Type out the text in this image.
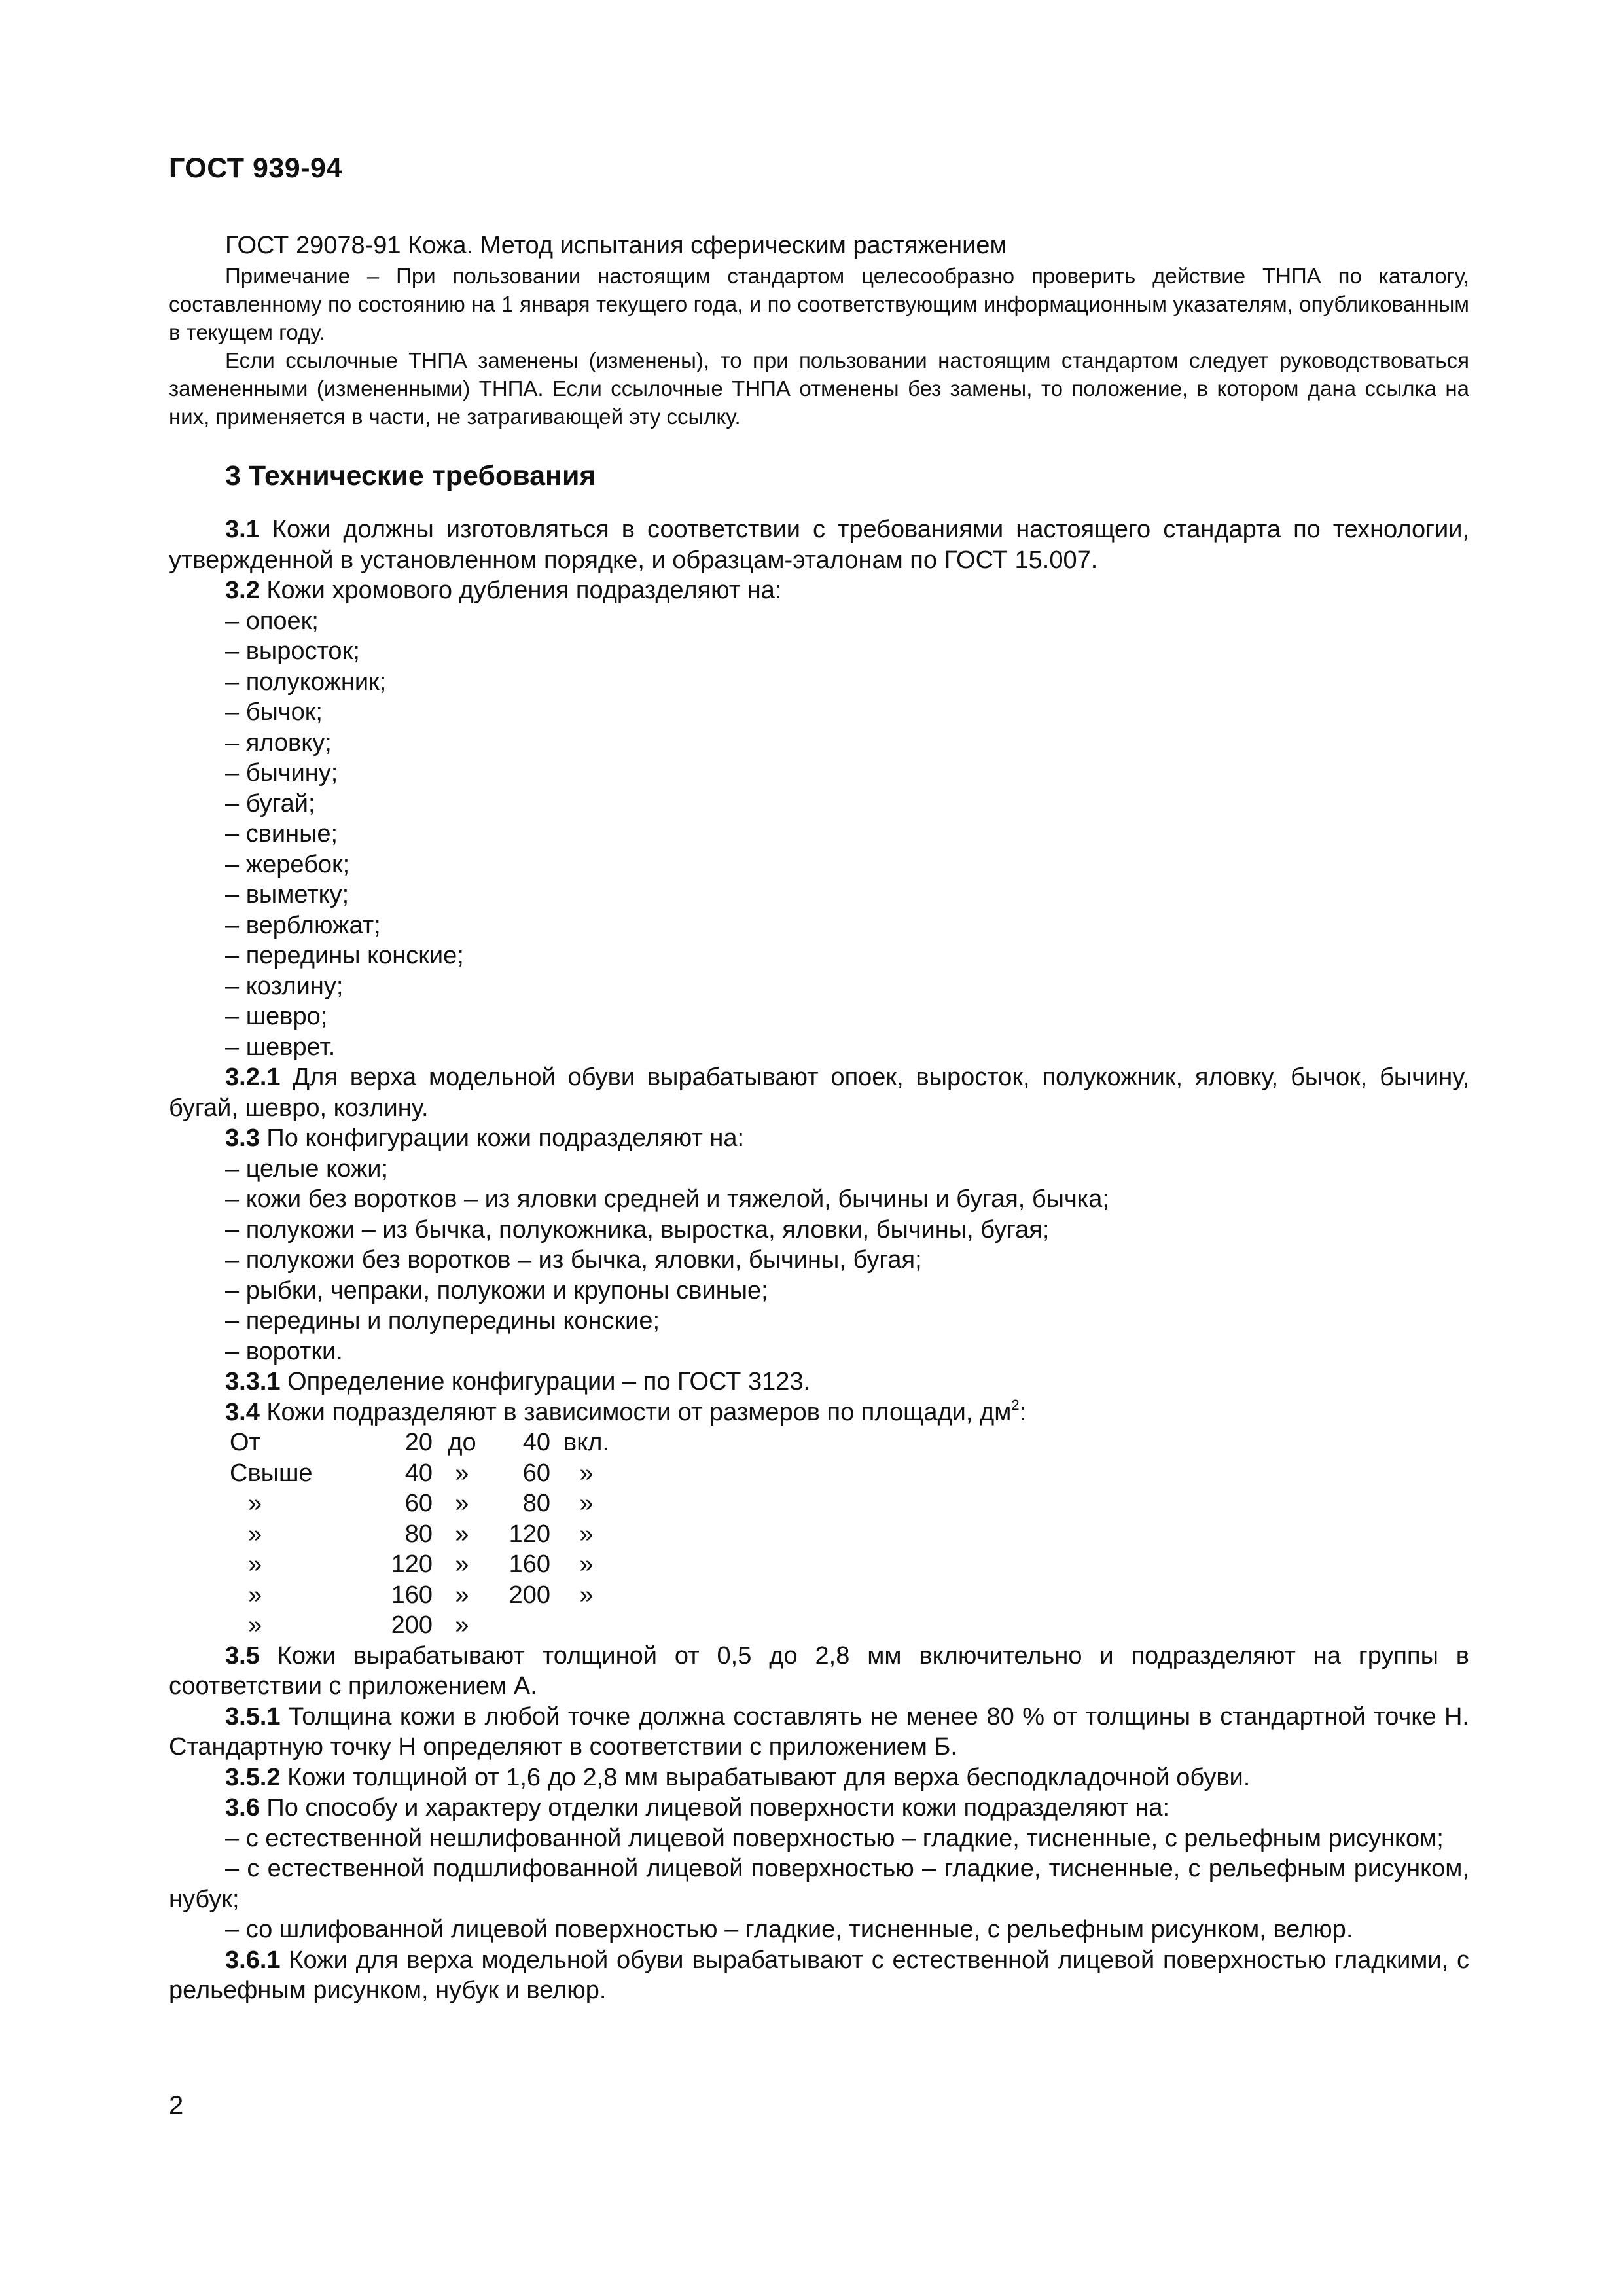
ГОСТ 939-94

ГОСТ 29078-91 Кожа. Метод испытания сферическим растяжением

Примечание – При пользовании настоящим стандартом целесообразно проверить действие ТНПА по каталогу, составленному по состоянию на 1 января текущего года, и по соответствующим информационным указателям, опубликованным в текущем году.

Если ссылочные ТНПА заменены (изменены), то при пользовании настоящим стандартом следует руководствоваться замененными (измененными) ТНПА. Если ссылочные ТНПА отменены без замены, то положение, в котором дана ссылка на них, применяется в части, не затрагивающей эту ссылку.

3 Технические требования

3.1 Кожи должны изготовляться в соответствии с требованиями настоящего стандарта по технологии, утвержденной в установленном порядке, и образцам-эталонам по ГОСТ 15.007.

3.2 Кожи хромового дубления подразделяют на:

– опоек;

– выросток;

– полукожник;

– бычок;

– яловку;

– бычину;

– бугай;

– свиные;

– жеребок;

– выметку;

– верблюжат;

– передины конские;

– козлину;

– шевро;

– шеврет.

3.2.1 Для верха модельной обуви вырабатывают опоек, выросток, полукожник, яловку, бычок, бычину, бугай, шевро, козлину.

3.3 По конфигурации кожи подразделяют на:

– целые кожи;

– кожи без воротков – из яловки средней и тяжелой, бычины и бугая, бычка;

– полукожи – из бычка, полукожника, выростка, яловки, бычины, бугая;

– полукожи без воротков – из бычка, яловки, бычины, бугая;

– рыбки, чепраки, полукожи и крупоны свиные;

– передины и полупередины конские;

– воротки.

3.3.1 Определение конфигурации – по ГОСТ 3123.

3.4 Кожи подразделяют в зависимости от размеров по площади, $дм^2$:

От	20	до	40	вкл.
Свыше	40	»	60	»
»	60	»	80	»
»	80	»	120	»
»	120	»	160	»
»	160	»	200	»
»	200	»		

3.5 Кожи вырабатывают толщиной от 0,5 до 2,8 мм включительно и подразделяют на группы в соответствии с приложением А.

3.5.1 Толщина кожи в любой точке должна составлять не менее 80 % от толщины в стандартной точке Н. Стандартную точку Н определяют в соответствии с приложением Б.

3.5.2 Кожи толщиной от 1,6 до 2,8 мм вырабатывают для верха бесподкладочной обуви.

3.6 По способу и характеру отделки лицевой поверхности кожи подразделяют на:

– с естественной нешлифованной лицевой поверхностью – гладкие, тисненные, с рельефным рисунком;

– с естественной подшлифованной лицевой поверхностью – гладкие, тисненные, с рельефным рисунком, нубук;

– со шлифованной лицевой поверхностью – гладкие, тисненные, с рельефным рисунком, велюр.

3.6.1 Кожи для верха модельной обуви вырабатывают с естественной лицевой поверхностью гладкими, с рельефным рисунком, нубук и велюр.

2
